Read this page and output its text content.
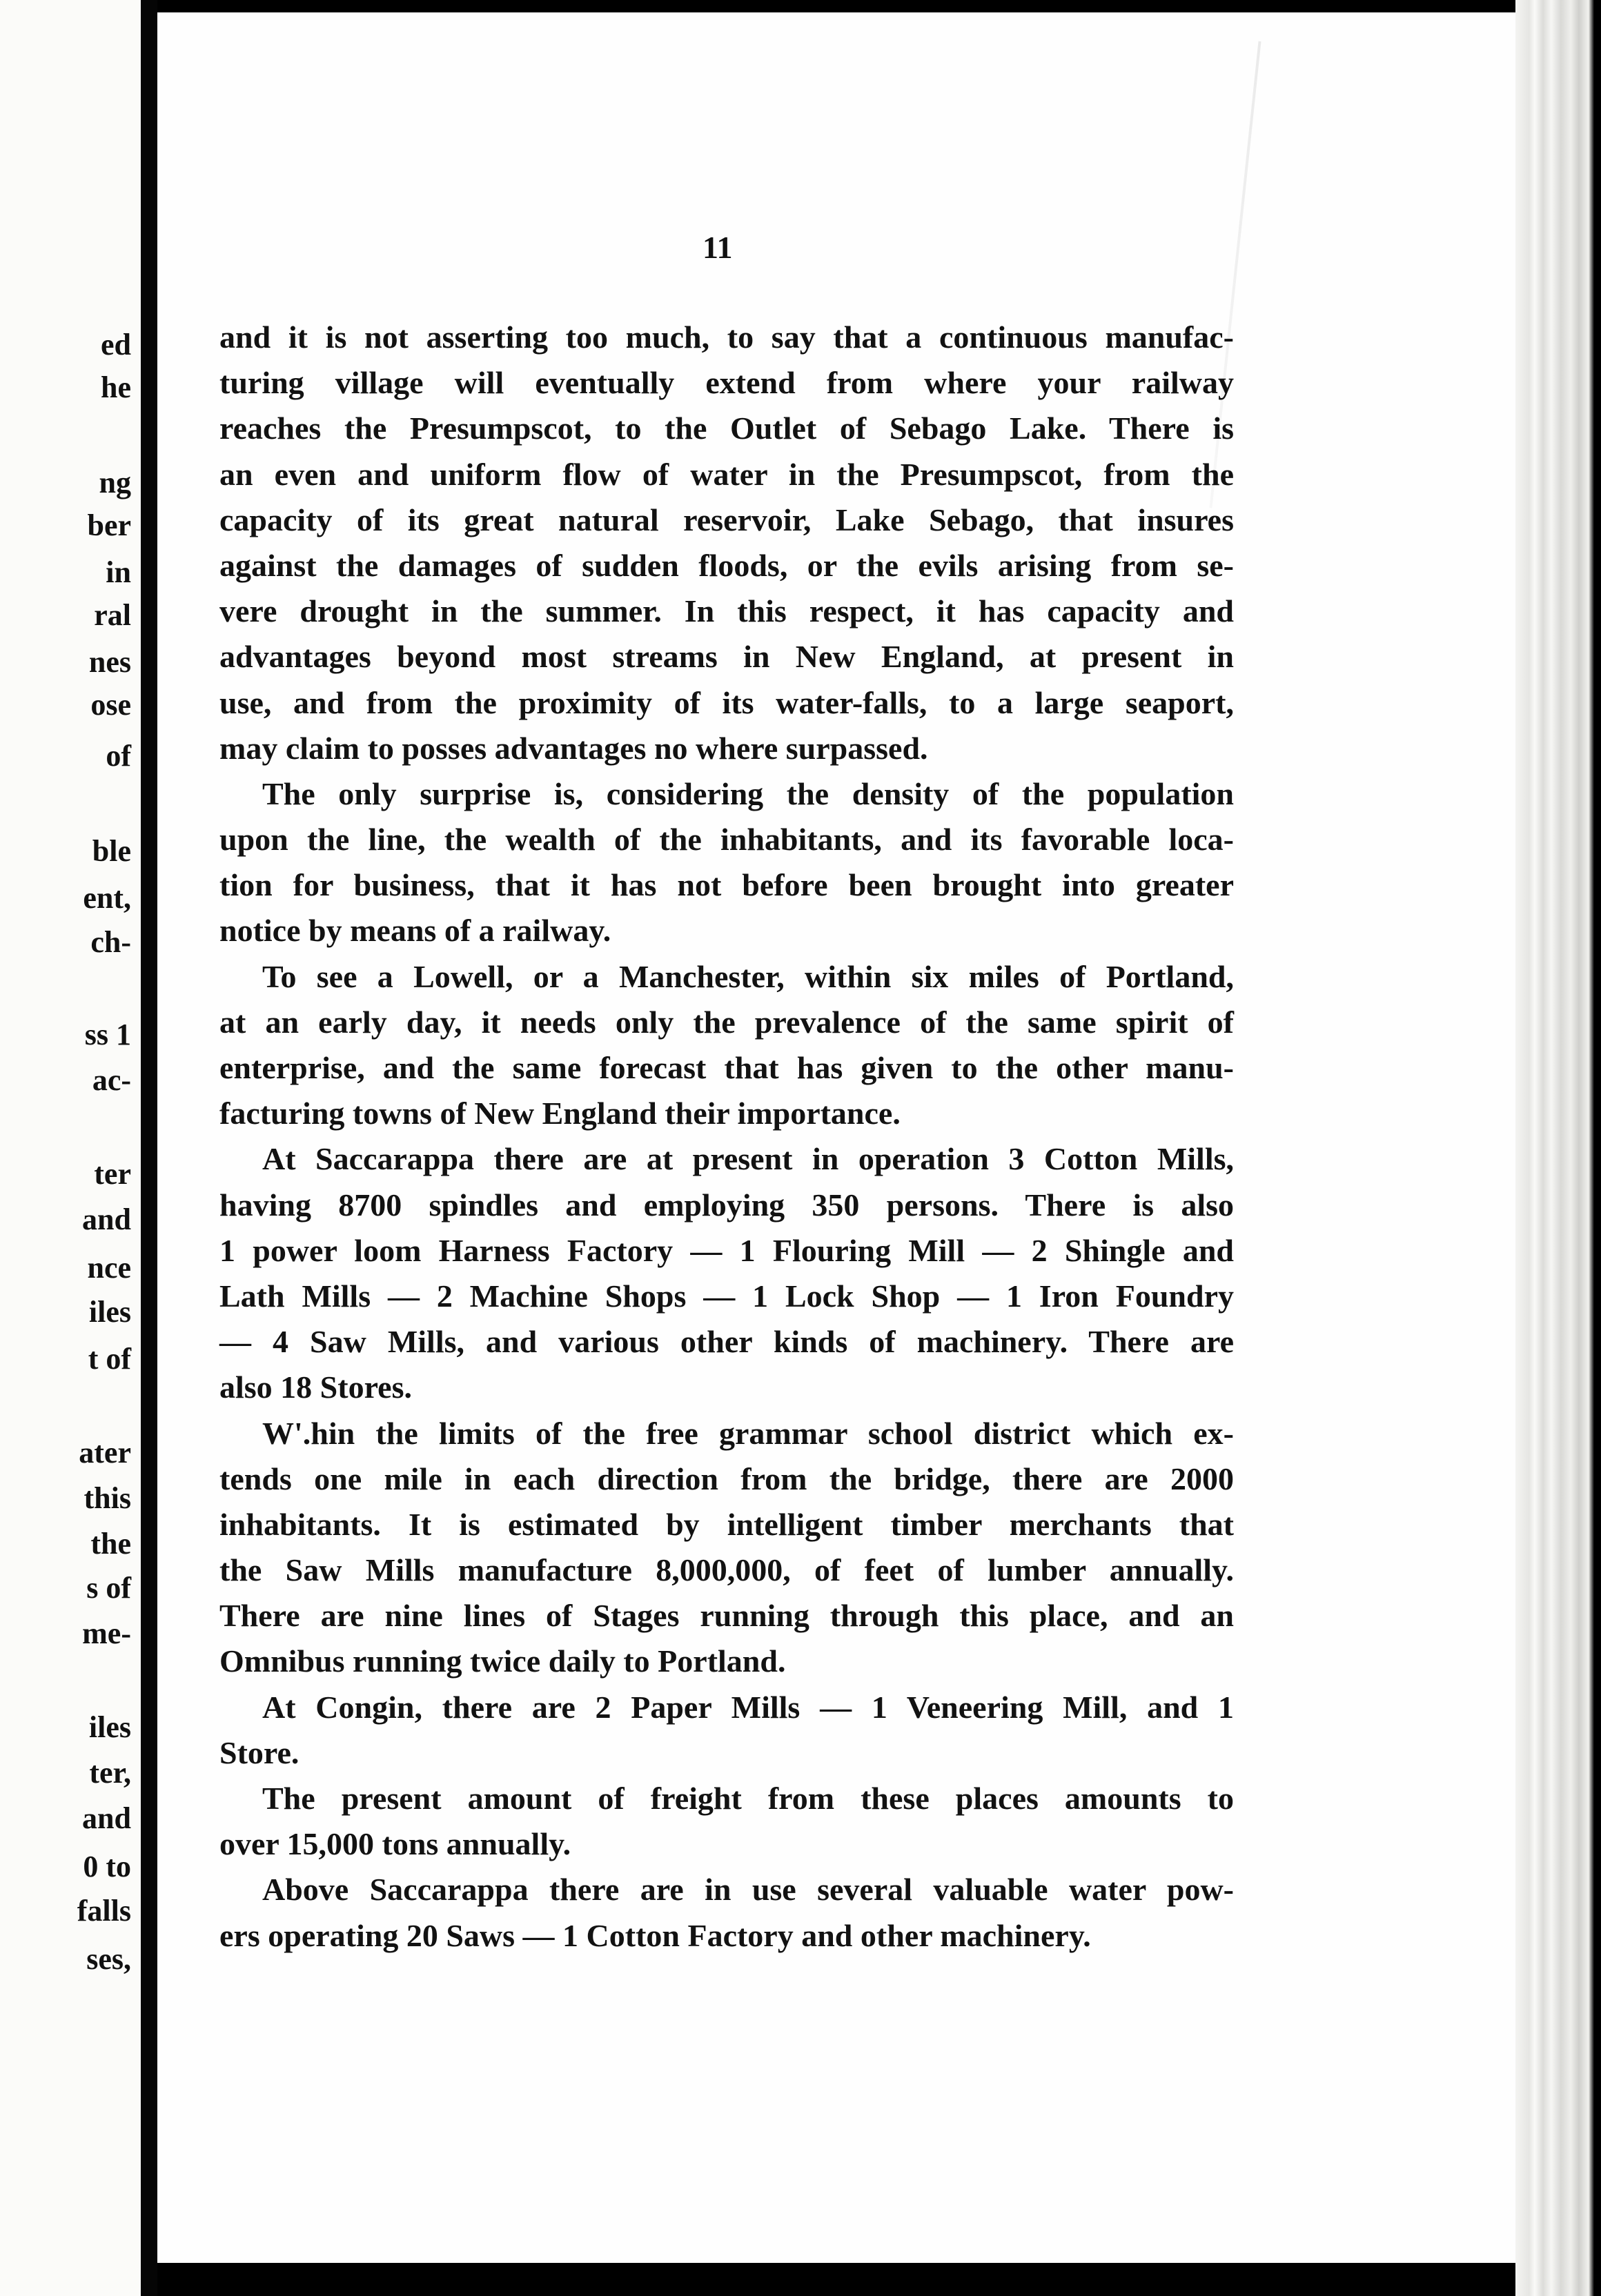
ed
he
ng
ber
in
ral
nes
ose
of
ble
ent,
ch-
ss 1
ac-
ter
and
nce
iles
t of
ater
this
the
s of
me-
iles
ter,
and
0 to
falls
ses,
11
and it is not asserting too much, to say that a continuous manufac-
turing village will eventually extend from where your railway
reaches the Presumpscot, to the Outlet of Sebago Lake. There is
an even and uniform flow of water in the Presumpscot, from the
capacity of its great natural reservoir, Lake Sebago, that insures
against the damages of sudden floods, or the evils arising from se-
vere drought in the summer. In this respect, it has capacity and
advantages beyond most streams in New England, at present in
use, and from the proximity of its water-falls, to a large seaport,
may claim to posses advantages no where surpassed.
The only surprise is, considering the density of the population
upon the line, the wealth of the inhabitants, and its favorable loca-
tion for business, that it has not before been brought into greater
notice by means of a railway.
To see a Lowell, or a Manchester, within six miles of Portland,
at an early day, it needs only the prevalence of the same spirit of
enterprise, and the same forecast that has given to the other manu-
facturing towns of New England their importance.
At Saccarappa there are at present in operation 3 Cotton Mills,
having 8700 spindles and employing 350 persons. There is also
1 power loom Harness Factory — 1 Flouring Mill — 2 Shingle and
Lath Mills — 2 Machine Shops — 1 Lock Shop — 1 Iron Foundry
— 4 Saw Mills, and various other kinds of machinery. There are
also 18 Stores.
W'.hin the limits of the free grammar school district which ex-
tends one mile in each direction from the bridge, there are 2000
inhabitants. It is estimated by intelligent timber merchants that
the Saw Mills manufacture 8,000,000, of feet of lumber annually.
There are nine lines of Stages running through this place, and an
Omnibus running twice daily to Portland.
At Congin, there are 2 Paper Mills — 1 Veneering Mill, and 1
Store.
The present amount of freight from these places amounts to
over 15,000 tons annually.
Above Saccarappa there are in use several valuable water pow-
ers operating 20 Saws — 1 Cotton Factory and other machinery.
